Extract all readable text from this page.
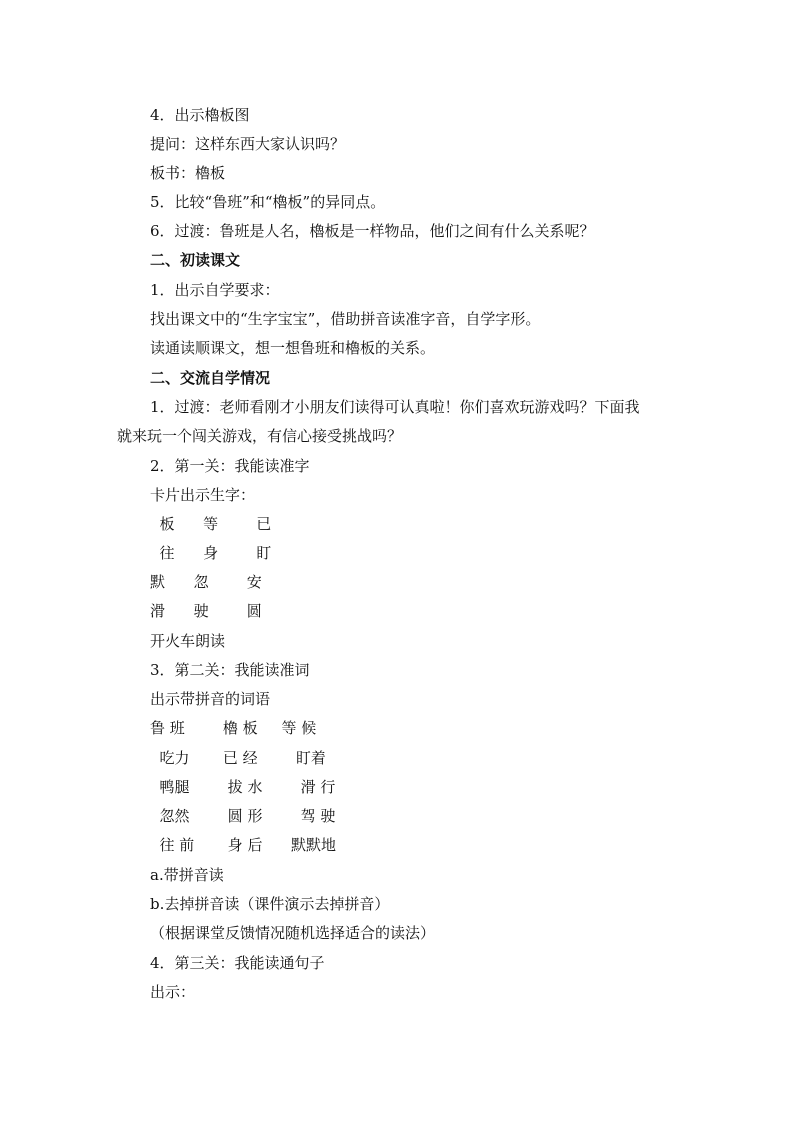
4．出示櫓板图
提问：这样东西大家认识吗？
板书：櫓板
5．比较“鲁班”和“櫓板”的异同点。
6．过渡：鲁班是人名，櫓板是一样物品，他们之间有什么关系呢？
二、初读课文
1．出示自学要求：
找出课文中的“生字宝宝”，借助拼音读准字音，自学字形。
读通读顺课文，想一想鲁班和櫓板的关系。
二、交流自学情况
1．过渡：老师看刚才小朋友们读得可认真啦！你们喜欢玩游戏吗？下面我
就来玩一个闯关游戏，有信心接受挑战吗？
2．第一关：我能读准字
卡片出示生字：
板      等        已
往      身        盯
默      忽        安
滑      驶        圆
开火车朗读
3．第二关：我能读准词
出示带拼音的词语
鲁 班        櫓 板     等 候
吃力       已 经        盯着
鸭腿        拔 水        滑 行
忽然        圆 形        驾 驶
往 前       身 后      默默地
a.带拼音读
b.去掉拼音读（课件演示去掉拼音）
（根据课堂反馈情况随机选择适合的读法）
4．第三关：我能读通句子
出示：
